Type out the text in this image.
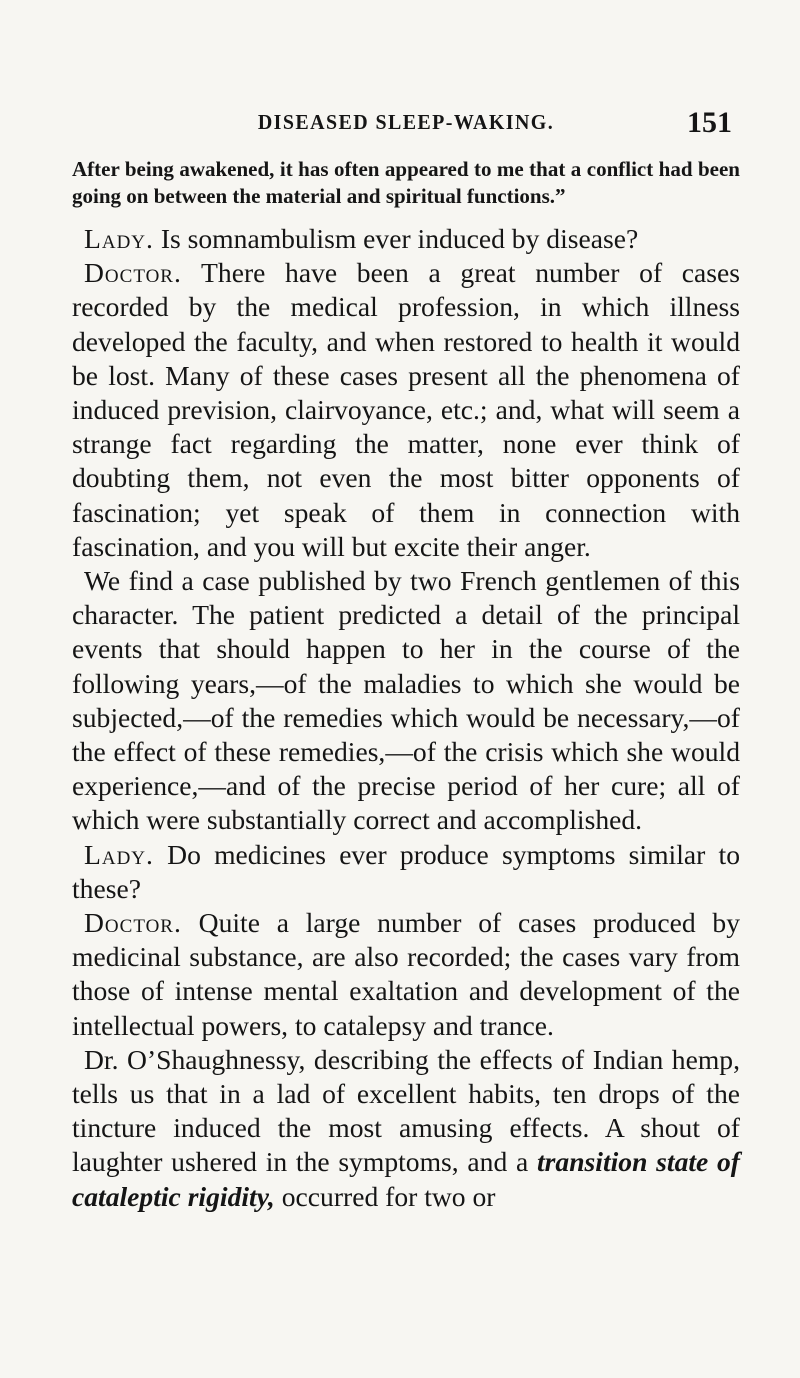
DISEASED SLEEP-WAKING.	151

After being awakened, it has often appeared to me that a conflict had been going on between the material and spiritual functions.”

Lady. Is somnambulism ever induced by disease?

Doctor. There have been a great number of cases recorded by the medical profession, in which illness developed the faculty, and when restored to health it would be lost. Many of these cases present all the phenomena of induced prevision, clairvoyance, etc.; and, what will seem a strange fact regarding the matter, none ever think of doubting them, not even the most bitter opponents of fascination; yet speak of them in connection with fascination, and you will but excite their anger.

We find a case published by two French gentlemen of this character. The patient predicted a detail of the principal events that should happen to her in the course of the following years,—of the maladies to which she would be subjected,—of the remedies which would be necessary,—of the effect of these remedies,—of the crisis which she would experience,—and of the precise period of her cure; all of which were substantially correct and accomplished.

Lady. Do medicines ever produce symptoms similar to these?

Doctor. Quite a large number of cases produced by medicinal substance, are also recorded; the cases vary from those of intense mental exaltation and development of the intellectual powers, to catalepsy and trance.

Dr. O’Shaughnessy, describing the effects of Indian hemp, tells us that in a lad of excellent habits, ten drops of the tincture induced the most amusing effects. A shout of laughter ushered in the symptoms, and a transition state of cataleptic rigidity, occurred for two or
